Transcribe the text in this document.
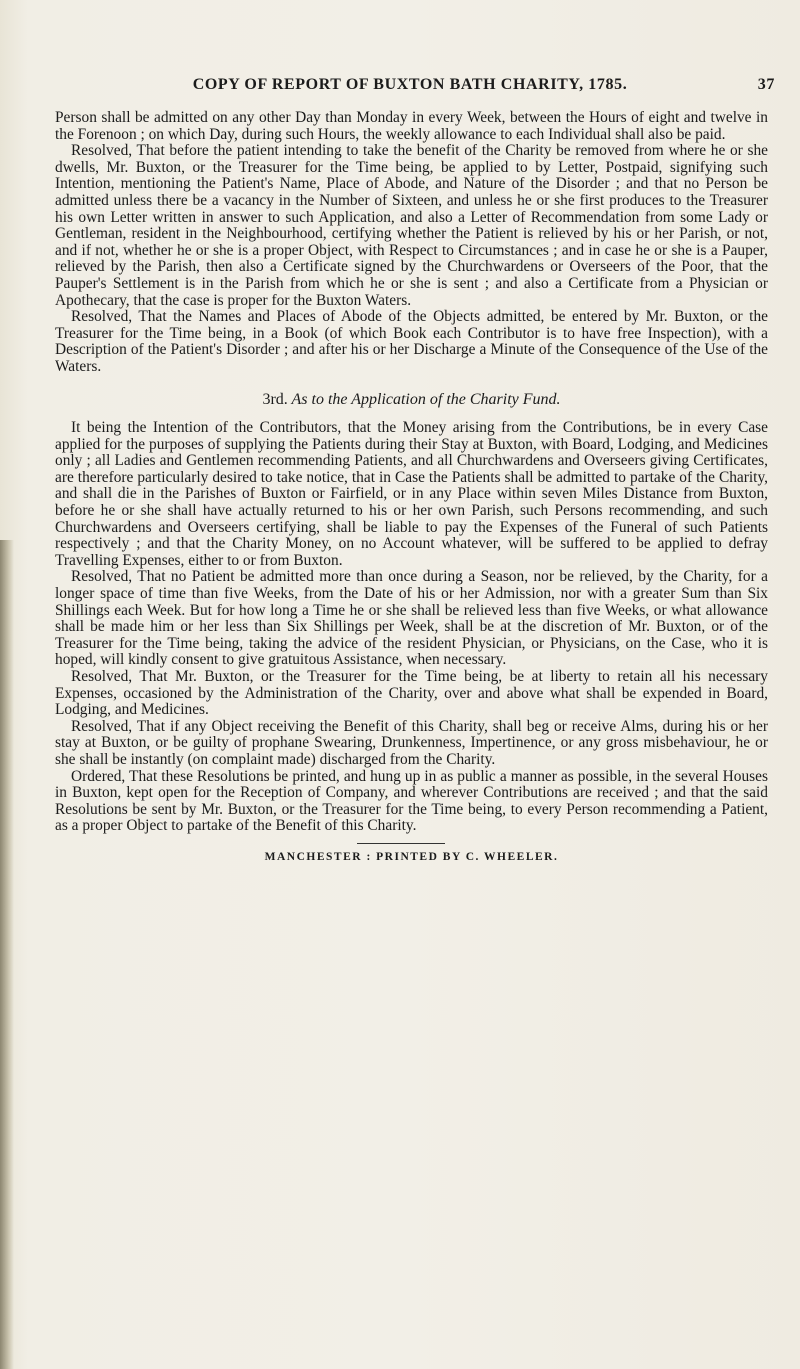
COPY OF REPORT OF BUXTON BATH CHARITY, 1785.	37

Person shall be admitted on any other Day than Monday in every Week, between the Hours of eight and twelve in the Forenoon ; on which Day, during such Hours, the weekly allowance to each Individual shall also be paid.

Resolved, That before the patient intending to take the benefit of the Charity be removed from where he or she dwells, Mr. Buxton, or the Treasurer for the Time being, be applied to by Letter, Postpaid, signifying such Intention, mentioning the Patient's Name, Place of Abode, and Nature of the Disorder ; and that no Person be admitted unless there be a vacancy in the Number of Sixteen, and unless he or she first produces to the Treasurer his own Letter written in answer to such Application, and also a Letter of Recommendation from some Lady or Gentleman, resident in the Neighbourhood, certifying whether the Patient is relieved by his or her Parish, or not, and if not, whether he or she is a proper Object, with Respect to Circumstances ; and in case he or she is a Pauper, relieved by the Parish, then also a Certificate signed by the Churchwardens or Overseers of the Poor, that the Pauper's Settlement is in the Parish from which he or she is sent ; and also a Certificate from a Physician or Apothecary, that the case is proper for the Buxton Waters.

Resolved, That the Names and Places of Abode of the Objects admitted, be entered by Mr. Buxton, or the Treasurer for the Time being, in a Book (of which Book each Contributor is to have free Inspection), with a Description of the Patient's Disorder ; and after his or her Discharge a Minute of the Consequence of the Use of the Waters.

3rd. As to the Application of the Charity Fund.

It being the Intention of the Contributors, that the Money arising from the Contributions, be in every Case applied for the purposes of supplying the Patients during their Stay at Buxton, with Board, Lodging, and Medicines only ; all Ladies and Gentlemen recommending Patients, and all Churchwardens and Overseers giving Certificates, are therefore particularly desired to take notice, that in Case the Patients shall be admitted to partake of the Charity, and shall die in the Parishes of Buxton or Fairfield, or in any Place within seven Miles Distance from Buxton, before he or she shall have actually returned to his or her own Parish, such Persons recommending, and such Churchwardens and Overseers certifying, shall be liable to pay the Expenses of the Funeral of such Patients respectively ; and that the Charity Money, on no Account whatever, will be suffered to be applied to defray Travelling Expenses, either to or from Buxton.

Resolved, That no Patient be admitted more than once during a Season, nor be relieved, by the Charity, for a longer space of time than five Weeks, from the Date of his or her Admission, nor with a greater Sum than Six Shillings each Week. But for how long a Time he or she shall be relieved less than five Weeks, or what allowance shall be made him or her less than Six Shillings per Week, shall be at the discretion of Mr. Buxton, or of the Treasurer for the Time being, taking the advice of the resident Physician, or Physicians, on the Case, who it is hoped, will kindly consent to give gratuitous Assistance, when necessary.

Resolved, That Mr. Buxton, or the Treasurer for the Time being, be at liberty to retain all his necessary Expenses, occasioned by the Administration of the Charity, over and above what shall be expended in Board, Lodging, and Medicines.

Resolved, That if any Object receiving the Benefit of this Charity, shall beg or receive Alms, during his or her stay at Buxton, or be guilty of prophane Swearing, Drunkenness, Impertinence, or any gross misbehaviour, he or she shall be instantly (on complaint made) discharged from the Charity.

Ordered, That these Resolutions be printed, and hung up in as public a manner as possible, in the several Houses in Buxton, kept open for the Reception of Company, and wherever Contributions are received ; and that the said Resolutions be sent by Mr. Buxton, or the Treasurer for the Time being, to every Person recommending a Patient, as a proper Object to partake of the Benefit of this Charity.

MANCHESTER : PRINTED BY C. WHEELER.
